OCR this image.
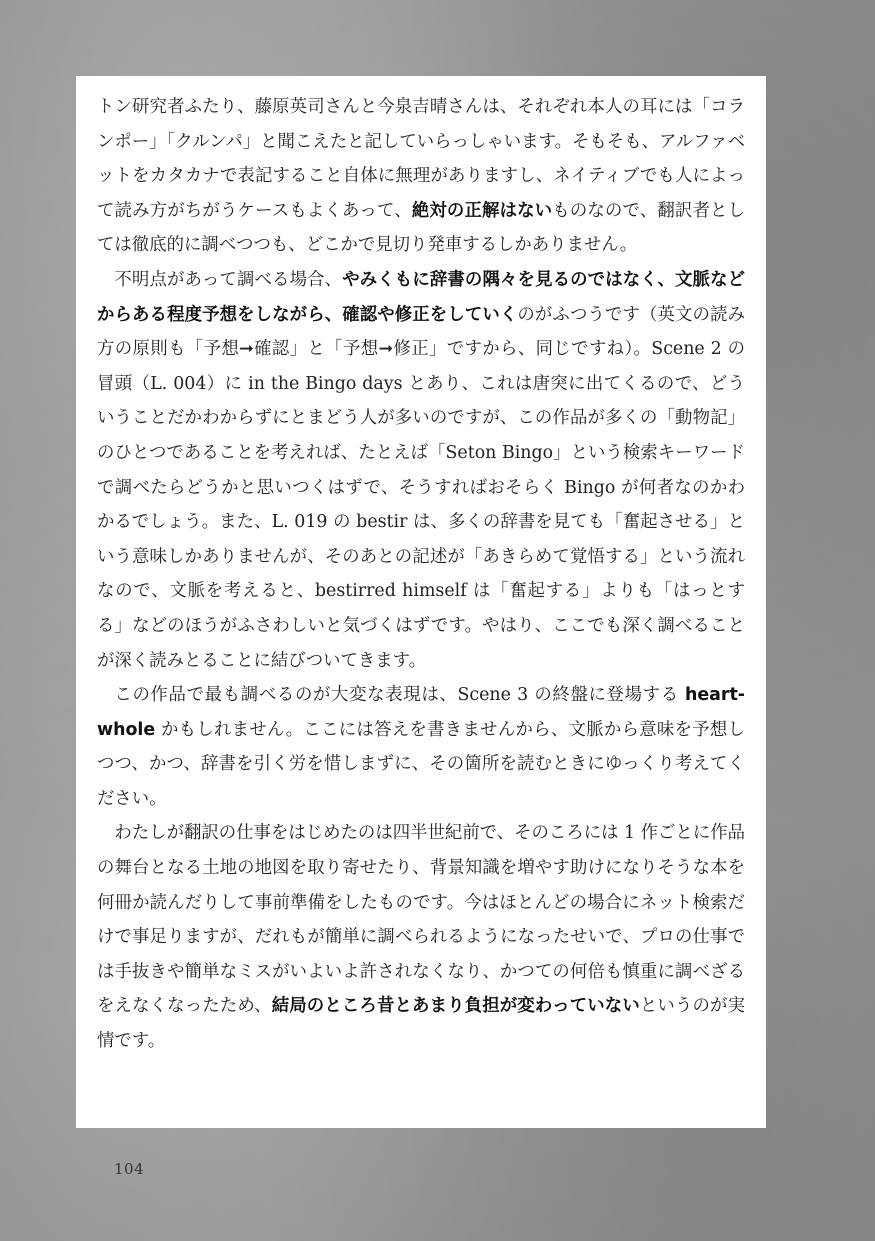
トン研究者ふたり、藤原英司さんと今泉吉晴さんは、それぞれ本人の耳には「コランポー」「クルンパ」と聞こえたと記していらっしゃいます。そもそも、アルファベットをカタカナで表記すること自体に無理がありますし、ネイティブでも人によって読み方がちがうケースもよくあって、絶対の正解はないものなので、翻訳者としては徹底的に調べつつも、どこかで見切り発車するしかありません。

不明点があって調べる場合、やみくもに辞書の隅々を見るのではなく、文脈などからある程度予想をしながら、確認や修正をしていくのがふつうです（英文の読み方の原則も「予想➞確認」と「予想➞修正」ですから、同じですね）。Scene 2 の冒頭（L. 004）に in the Bingo days とあり、これは唐突に出てくるので、どういうことだかわからずにとまどう人が多いのですが、この作品が多くの「動物記」のひとつであることを考えれば、たとえば「Seton Bingo」という検索キーワードで調べたらどうかと思いつくはずで、そうすればおそらく Bingo が何者なのかわかるでしょう。また、L. 019 の bestir は、多くの辞書を見ても「奮起させる」という意味しかありませんが、そのあとの記述が「あきらめて覚悟する」という流れなので、文脈を考えると、bestirred himself は「奮起する」よりも「はっとする」などのほうがふさわしいと気づくはずです。やはり、ここでも深く調べることが深く読みとることに結びついてきます。

この作品で最も調べるのが大変な表現は、Scene 3 の終盤に登場する heart-whole かもしれません。ここには答えを書きませんから、文脈から意味を予想しつつ、かつ、辞書を引く労を惜しまずに、その箇所を読むときにゆっくり考えてください。

わたしが翻訳の仕事をはじめたのは四半世紀前で、そのころには 1 作ごとに作品の舞台となる土地の地図を取り寄せたり、背景知識を増やす助けになりそうな本を何冊か読んだりして事前準備をしたものです。今はほとんどの場合にネット検索だけで事足りますが、だれもが簡単に調べられるようになったせいで、プロの仕事では手抜きや簡単なミスがいよいよ許されなくなり、かつての何倍も慎重に調べざるをえなくなったため、結局のところ昔とあまり負担が変わっていないというのが実情です。

104
